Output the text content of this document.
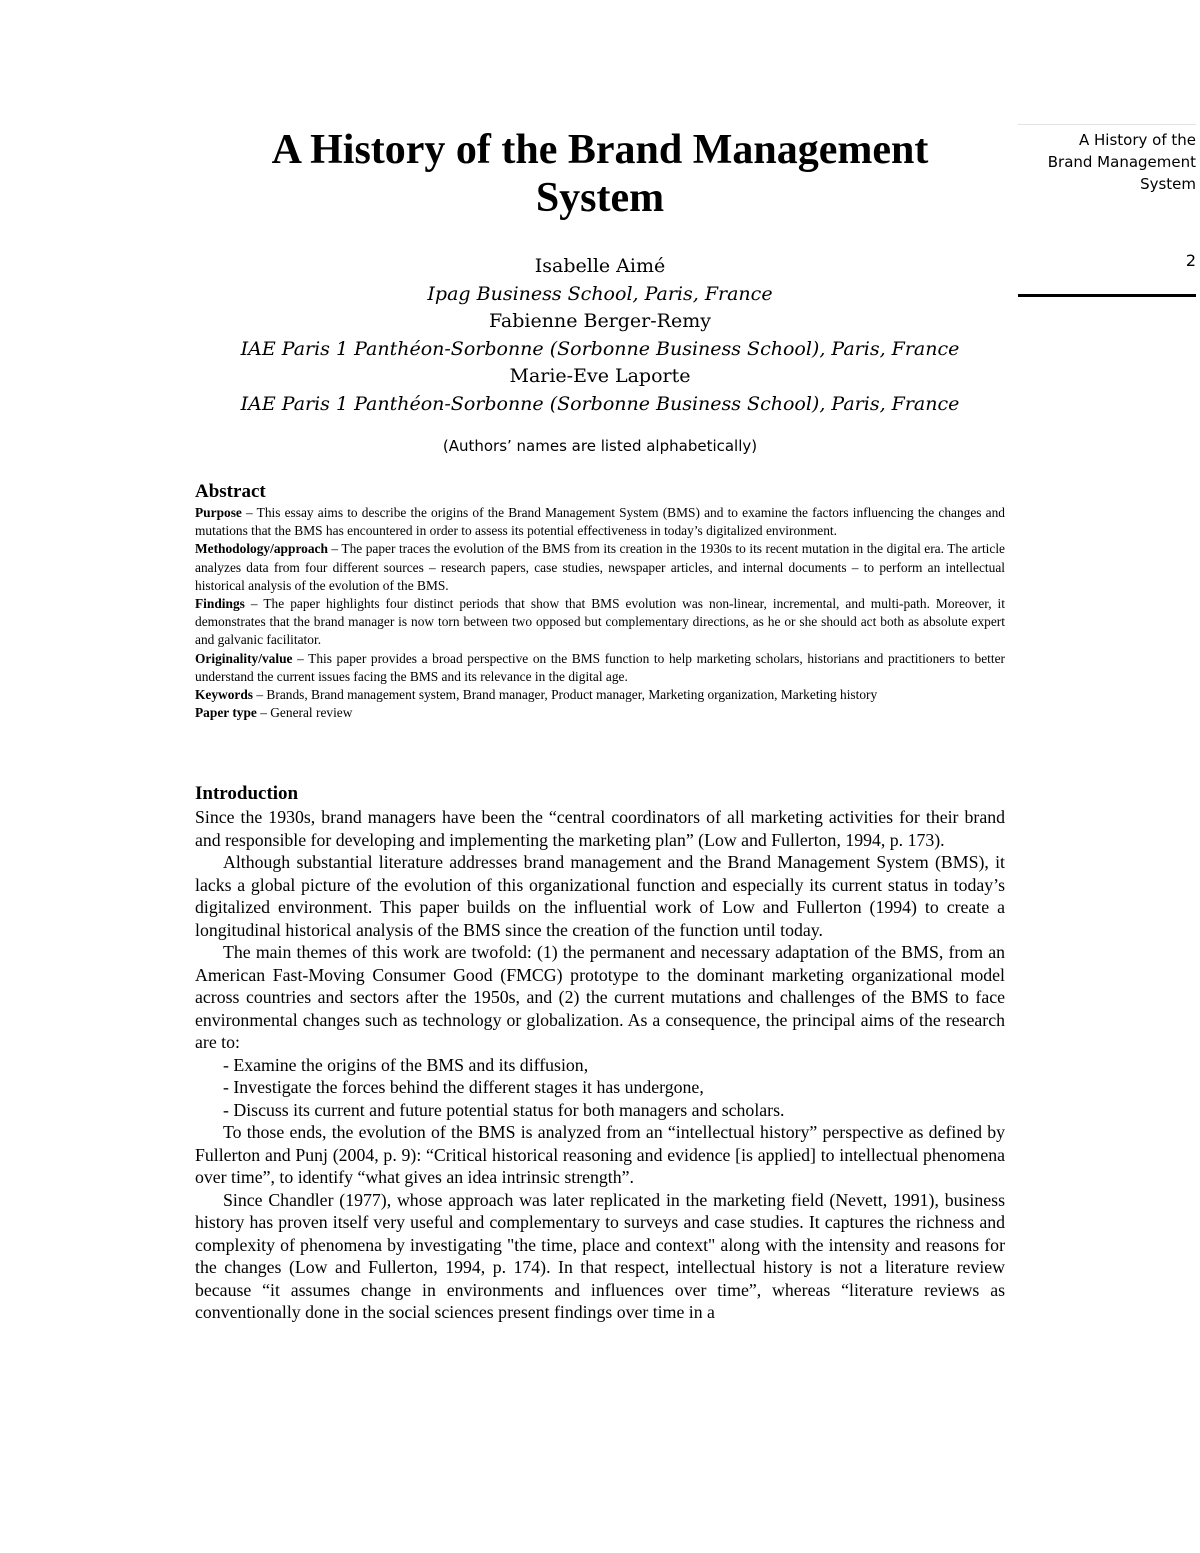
A History of the
Brand Management
System
2
A History of the Brand Management
System
Isabelle Aimé
Ipag Business School, Paris, France
Fabienne Berger-Remy
IAE Paris 1 Panthéon-Sorbonne (Sorbonne Business School), Paris, France
Marie-Eve Laporte
IAE Paris 1 Panthéon-Sorbonne (Sorbonne Business School), Paris, France
(Authors’ names are listed alphabetically)
Abstract

Purpose – This essay aims to describe the origins of the Brand Management System (BMS) and to examine the factors influencing the changes and mutations that the BMS has encountered in order to assess its potential effectiveness in today’s digitalized environment.

Methodology/approach – The paper traces the evolution of the BMS from its creation in the 1930s to its recent mutation in the digital era. The article analyzes data from four different sources – research papers, case studies, newspaper articles, and internal documents – to perform an intellectual historical analysis of the evolution of the BMS.

Findings – The paper highlights four distinct periods that show that BMS evolution was non-linear, incremental, and multi-path. Moreover, it demonstrates that the brand manager is now torn between two opposed but complementary directions, as he or she should act both as absolute expert and galvanic facilitator.

Originality/value – This paper provides a broad perspective on the BMS function to help marketing scholars, historians and practitioners to better understand the current issues facing the BMS and its relevance in the digital age.

Keywords – Brands, Brand management system, Brand manager, Product manager, Marketing organization, Marketing history

Paper type – General review

Introduction

Since the 1930s, brand managers have been the “central coordinators of all marketing activities for their brand and responsible for developing and implementing the marketing plan” (Low and Fullerton, 1994, p. 173).

Although substantial literature addresses brand management and the Brand Management System (BMS), it lacks a global picture of the evolution of this organizational function and especially its current status in today’s digitalized environment. This paper builds on the influential work of Low and Fullerton (1994) to create a longitudinal historical analysis of the BMS since the creation of the function until today.

The main themes of this work are twofold: (1) the permanent and necessary adaptation of the BMS, from an American Fast-Moving Consumer Good (FMCG) prototype to the dominant marketing organizational model across countries and sectors after the 1950s, and (2) the current mutations and challenges of the BMS to face environmental changes such as technology or globalization. As a consequence, the principal aims of the research are to:

- Examine the origins of the BMS and its diffusion,
- Investigate the forces behind the different stages it has undergone,
- Discuss its current and future potential status for both managers and scholars.

To those ends, the evolution of the BMS is analyzed from an “intellectual history” perspective as defined by Fullerton and Punj (2004, p. 9): “Critical historical reasoning and evidence [is applied] to intellectual phenomena over time”, to identify “what gives an idea intrinsic strength”.

Since Chandler (1977), whose approach was later replicated in the marketing field (Nevett, 1991), business history has proven itself very useful and complementary to surveys and case studies. It captures the richness and complexity of phenomena by investigating "the time, place and context" along with the intensity and reasons for the changes (Low and Fullerton, 1994, p. 174). In that respect, intellectual history is not a literature review because “it assumes change in environments and influences over time”, whereas “literature reviews as conventionally done in the social sciences present findings over time in a
